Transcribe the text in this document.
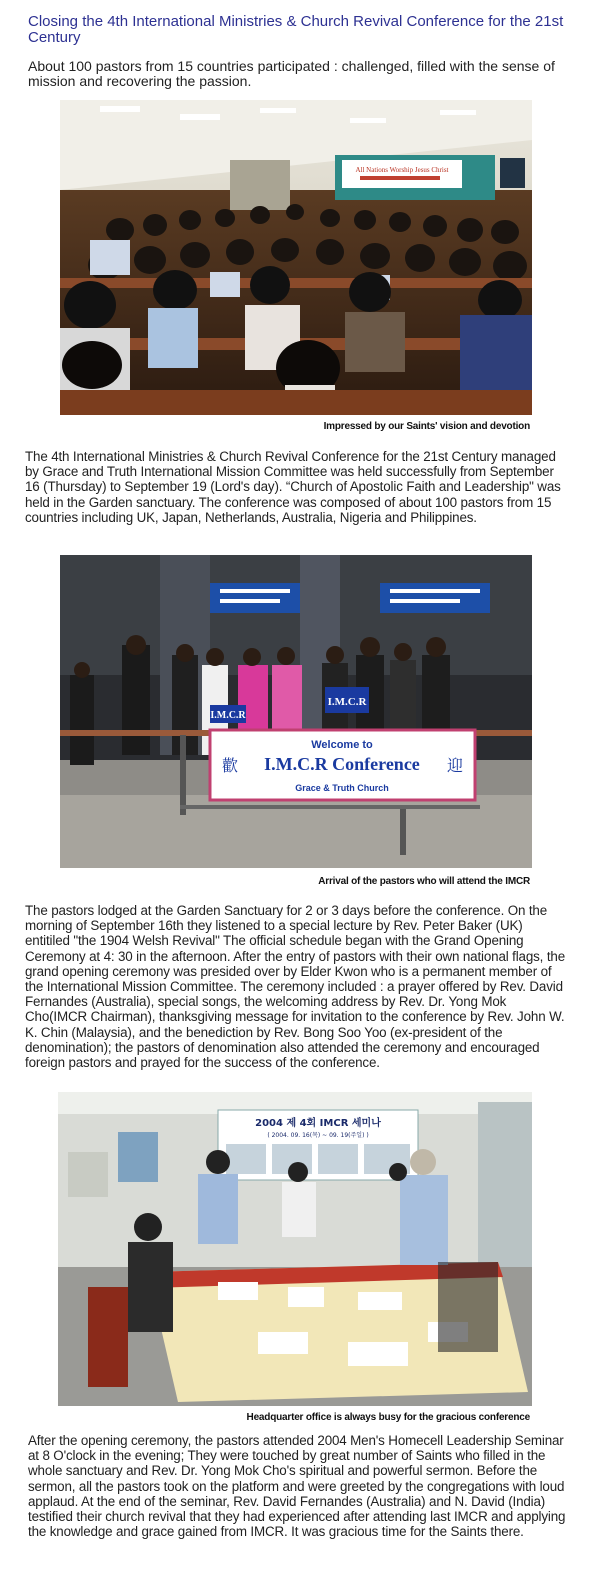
Closing the 4th International Ministries & Church Revival Conference for the 21st Century
About 100 pastors from 15 countries participated : challenged, filled with the sense of mission and recovering the passion.
All Nations Worship Jesus Christ
Impressed by our Saints' vision and devotion
The 4th International Ministries & Church Revival Conference for the 21st Century managed by Grace and Truth International Mission Committee was held successfully from September 16 (Thursday) to September 19 (Lord's day). “Church of Apostolic Faith and Leadership" was held in the Garden sanctuary. The conference was composed of about 100 pastors from 15 countries including UK, Japan, Netherlands, Australia, Nigeria and Philippines.
I.M.C.R
I.M.C.R
Welcome to
I.M.C.R Conference
歡	迎
Grace & Truth Church
Arrival of the pastors who will attend the IMCR
The pastors lodged at the Garden Sanctuary for 2 or 3 days before the conference. On the morning of September 16th they listened to a special lecture by Rev. Peter Baker (UK) entitiled "the 1904 Welsh Revival" The official schedule began with the Grand Opening Ceremony at 4: 30 in the afternoon. After the entry of pastors with their own national flags, the grand opening ceremony was presided over by Elder Kwon who is a permanent member of the International Mission Committee. The ceremony included : a prayer offered by Rev. David Fernandes (Australia), special songs, the welcoming address by Rev. Dr. Yong Mok Cho(IMCR Chairman), thanksgiving message for invitation to the conference by Rev. John W. K. Chin (Malaysia), and the benediction by Rev. Bong Soo Yoo (ex-president of the denomination); the pastors of denomination also attended the ceremony and encouraged foreign pastors and prayed for the success of the conference.
2004 제 4회 IMCR 세미나
( 2004. 09. 16(목) ~ 09. 19(주일) )
Headquarter office is always busy for the gracious conference
After the opening ceremony, the pastors attended 2004 Men's Homecell Leadership Seminar at 8 O'clock in the evening; They were touched by great number of Saints who filled in the whole sanctuary and Rev. Dr. Yong Mok Cho's spiritual and powerful sermon. Before the sermon, all the pastors took on the platform and were greeted by the congregations with loud applaud. At the end of the seminar, Rev. David Fernandes (Australia) and N. David (India) testified their church revival that they had experienced after attending last IMCR and applying the knowledge and grace gained from IMCR. It was gracious time for the Saints there.
